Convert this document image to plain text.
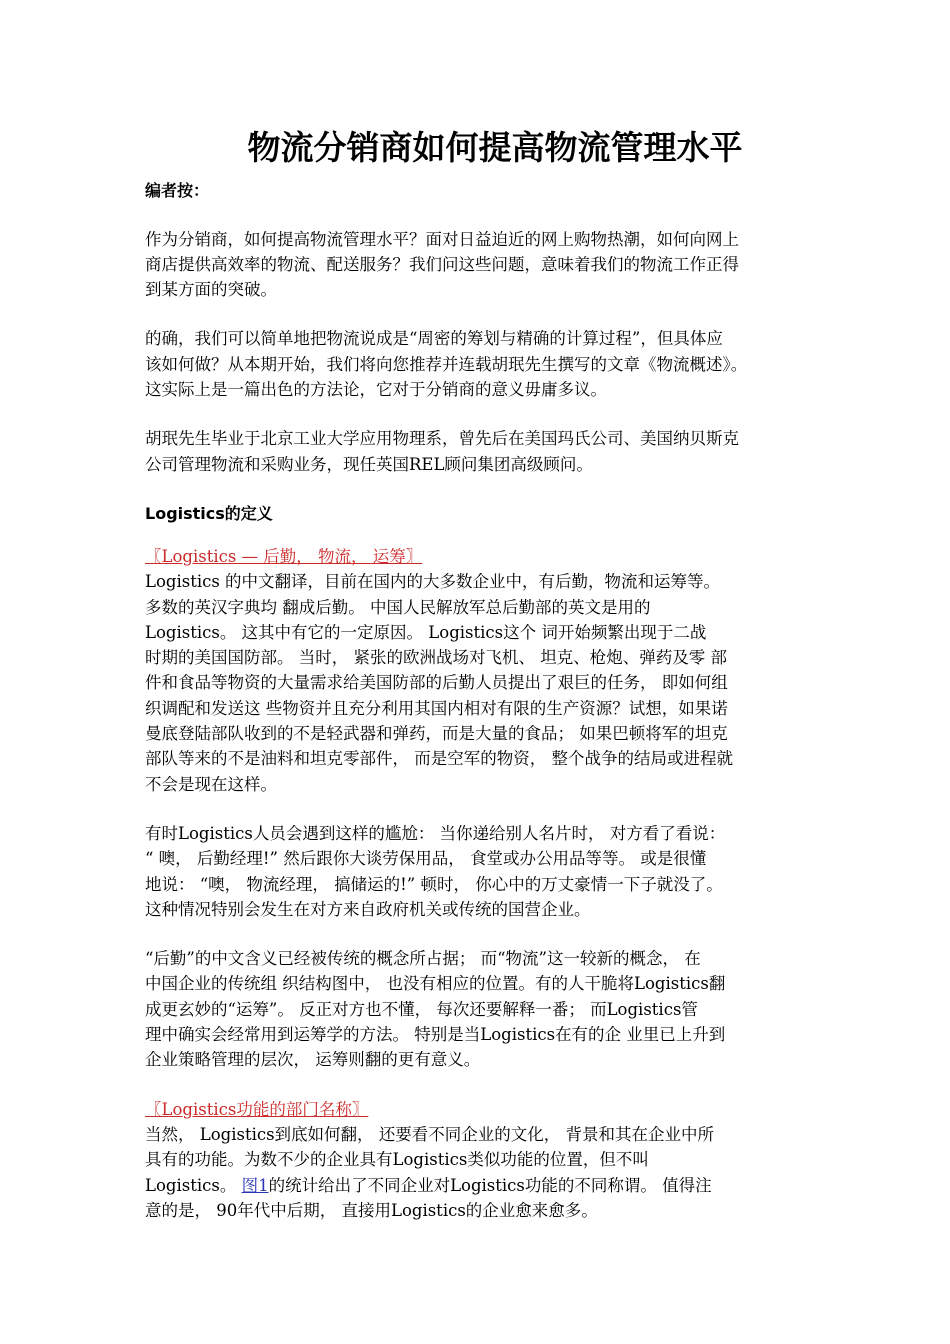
物流分销商如何提高物流管理水平

编者按：

作为分销商，如何提高物流管理水平？面对日益迫近的网上购物热潮，如何向网上
商店提供高效率的物流、配送服务？我们问这些问题，意味着我们的物流工作正得
到某方面的突破。

的确，我们可以简单地把物流说成是“周密的筹划与精确的计算过程”，但具体应
该如何做？从本期开始，我们将向您推荐并连载胡珉先生撰写的文章《物流概述》。
这实际上是一篇出色的方法论，它对于分销商的意义毋庸多议。

胡珉先生毕业于北京工业大学应用物理系，曾先后在美国玛氏公司、美国纳贝斯克
公司管理物流和采购业务，现任英国REL顾问集团高级顾问。

Logistics的定义

〖Logistics — 后勤， 物流， 运筹〗

Logistics 的中文翻译，目前在国内的大多数企业中，有后勤，物流和运筹等。
多数的英汉字典均 翻成后勤。 中国人民解放军总后勤部的英文是用的
Logistics。 这其中有它的一定原因。 Logistics这个 词开始频繁出现于二战
时期的美国国防部。 当时， 紧张的欧洲战场对飞机、 坦克、枪炮、弹药及零 部
件和食品等物资的大量需求给美国防部的后勤人员提出了艰巨的任务， 即如何组
织调配和发送这 些物资并且充分利用其国内相对有限的生产资源？试想，如果诺
曼底登陆部队收到的不是轻武器和弹药，而是大量的食品； 如果巴顿将军的坦克
部队等来的不是油料和坦克零部件， 而是空军的物资， 整个战争的结局或进程就
不会是现在这样。

有时Logistics人员会遇到这样的尴尬： 当你递给别人名片时， 对方看了看说：
“ 噢， 后勤经理!” 然后跟你大谈劳保用品， 食堂或办公用品等等。 或是很懂
地说： “噢， 物流经理， 搞储运的!” 顿时， 你心中的万丈豪情一下子就没了。
这种情况特别会发生在对方来自政府机关或传统的国营企业。

“后勤”的中文含义已经被传统的概念所占据； 而“物流”这一较新的概念， 在
中国企业的传统组 织结构图中， 也没有相应的位置。有的人干脆将Logistics翻
成更玄妙的“运筹”。 反正对方也不懂， 每次还要解释一番； 而Logistics管
理中确实会经常用到运筹学的方法。 特别是当Logistics在有的企 业里已上升到
企业策略管理的层次， 运筹则翻的更有意义。

〖Logistics功能的部门名称〗

当然， Logistics到底如何翻， 还要看不同企业的文化， 背景和其在企业中所
具有的功能。为数不少的企业具有Logistics类似功能的位置，但不叫
Logistics。 图1的统计给出了不同企业对Logistics功能的不同称谓。 值得注
意的是， 90年代中后期， 直接用Logistics的企业愈来愈多。
